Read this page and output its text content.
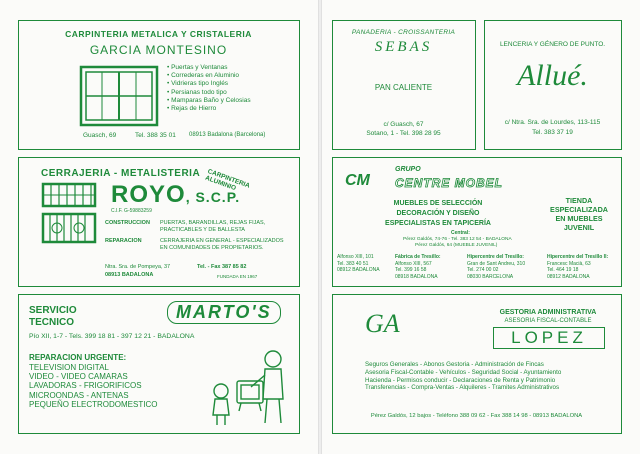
CARPINTERIA METALICA Y CRISTALERIA
GARCIA MONTESINO
• Puertas y Ventanas
• Correderas en Aluminio
• Vidrieras tipo Inglés
• Persianas todo tipo
• Mamparas Baño y Celosias
• Rejas de Hierro
Guasch, 69	Tel. 388 35 01 08913 Badalona (Barcelona)
CERRAJERIA - METALISTERIA CARPINTERIA ALUMINIO
ROYO, S.C.P.
C.I.F. G-59883259
CONSTRUCCION PUERTAS, BARANDILLAS, REJAS FIJAS, PRACTICABLES Y DE BALLESTA
REPARACION	CERRAJERIA EN GENERAL - ESPECIALIZADOS EN COMUNIDADES DE PROPIETARIOS.
Ntra. Sra. de Pompeya, 37	Tel. - Fax 387 85 82
08913 BADALONA	FUNDADA EN 1967
SERVICIO
TECNICO
MARTO'S
Pío XII, 1-7 - Tels. 399 18 81 - 397 12 21 - BADALONA
REPARACION URGENTE:
TELEVISION DIGITAL
VIDEO - VIDEO CAMARAS
LAVADORAS - FRIGORIFICOS
MICROONDAS - ANTENAS
PEQUEÑO ELECTRODOMESTICO
PANADERIA - CROISSANTERIA
SEBAS
PAN CALIENTE
c/ Guasch, 67
Sotano, 1 - Tel. 398 28 95
LENCERIA Y GÉNERO DE PUNTO.
Allué.
c/ Ntra. Sra. de Lourdes, 113-115
Tel. 383 37 19
CM
GRUPO
CENTRE MOBEL
MUEBLES DE SELECCIÓN
DECORACIÓN Y DISEÑO
ESPECIALISTAS EN TAPICERÍA
Central:
Pérez Galdós, 74-76 - Tel. 383 12 54 - BADALONA
Pérez Galdós, 64 (MUEBLE JUVENIL)
TIENDA
ESPECIALIZADA
EN MUEBLES
JUVENIL
Alfonso XIII, 101
Tel. 383 40 51
08912 BADALONA
Fábrica de Tresillo:
Alfonso XIII, 567
Tel. 399 16 58
08918 BADALONA
Hipercentre del Tresillo:
Gran de Sant Andreu, 310
Tel. 274 00 02
08030 BARCELONA
Hipercentre del Tresillo II:
Francesc Macià, 63
Tel. 464 19 18
08912 BADALONA
GA	GESTORIA ADMINISTRATIVA
ASESORIA FISCAL-CONTABLE
LOPEZ
Seguros Generales - Abonos Gestoria - Administración de Fincas
Asesoria Fiscal-Contable - Vehículos - Seguridad Social - Ayuntamiento
Hacienda - Permisos conducir - Declaraciones de Renta y Patrimonio
Transferencias - Compra-Ventas - Alquileres - Tramites Administrativos
Pérez Galdós, 12 bajos - Teléfono 388 09 62 - Fax 388 14 98 - 08913 BADALONA
